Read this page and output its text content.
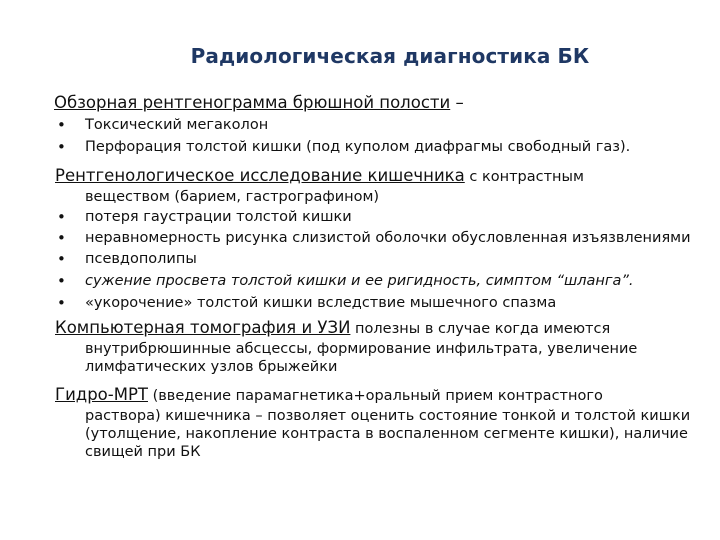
Радиологическая диагностика БК

Обзорная рентгенограмма брюшной полости –

• Токсический мегаколон
• Перфорация толстой кишки (под куполом диафрагмы свободный газ).

Рентгенологическое исследование кишечника с контрастным

веществом (барием, гастрографином)
• потеря гаустрации толстой кишки
• неравномерность рисунка слизистой оболочки обусловленная изъязвлениями
• псевдополипы
• сужение просвета толстой кишки и ее ригидность, симптом “шланга”.
• «укорочение» толстой кишки вследствие мышечного спазма

Компьютерная томография и УЗИ полезны в случае когда имеются

внутрибрюшинные абсцессы, формирование инфильтрата, увеличение лимфатических узлов брыжейки

Гидро-МРТ (введение парамагнетика+оральный прием контрастного

раствора) кишечника – позволяет оценить состояние тонкой и толстой кишки (утолщение, накопление контраста в воспаленном сегменте кишки), наличие свищей при БК
